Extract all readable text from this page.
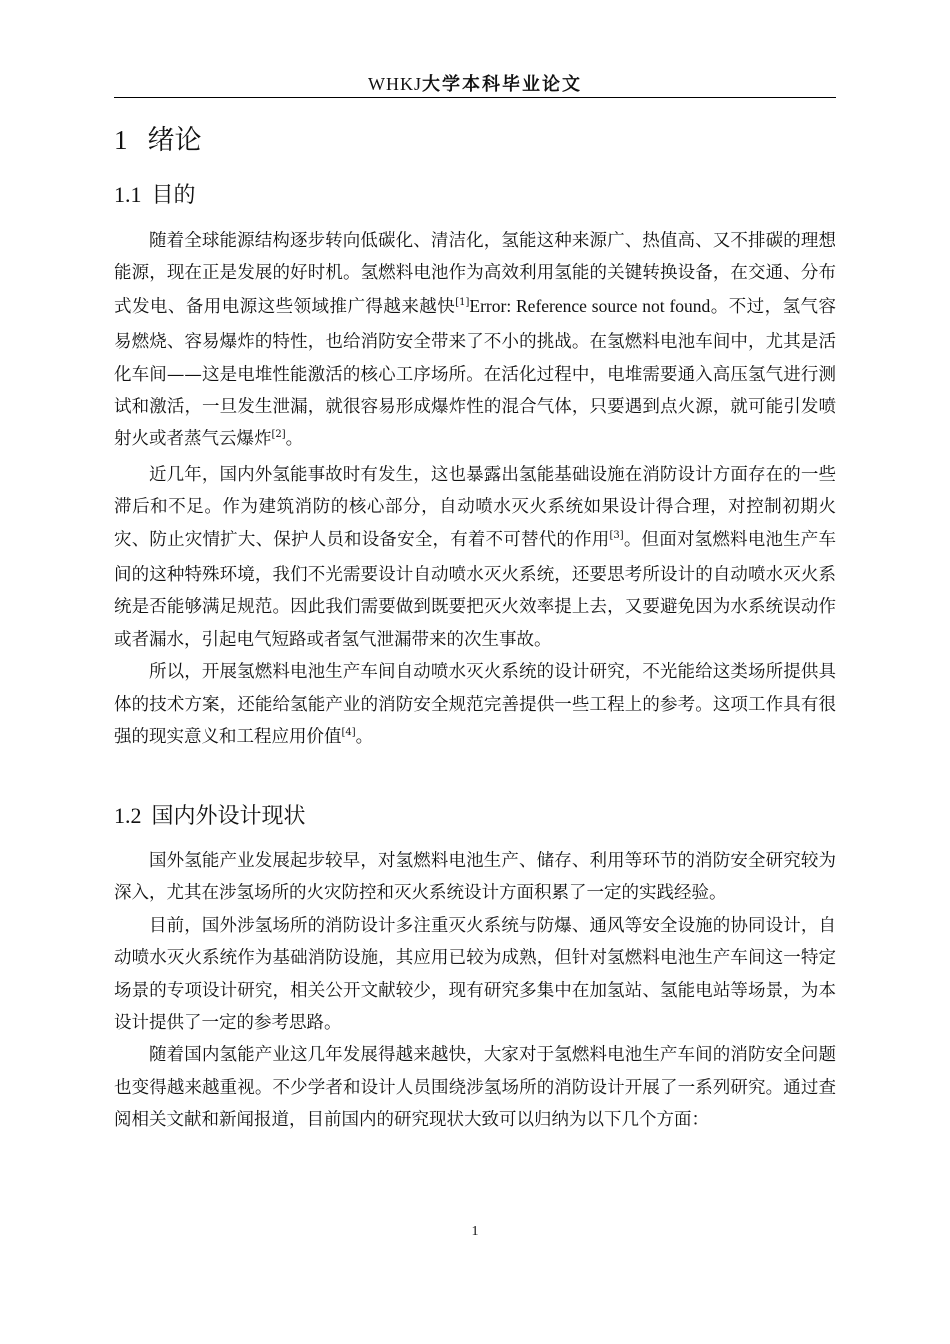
WHKJ大学本科毕业论文
1 绪论
1.1 目的

随着全球能源结构逐步转向低碳化、清洁化，氢能这种来源广、热值高、又不排碳的理想能源，现在正是发展的好时机。氢燃料电池作为高效利用氢能的关键转换设备，在交通、分布式发电、备用电源这些领域推广得越来越快[1]Error: Reference source not found。不过，氢气容易燃烧、容易爆炸的特性，也给消防安全带来了不小的挑战。在氢燃料电池车间中，尤其是活化车间——这是电堆性能激活的核心工序场所。在活化过程中，电堆需要通入高压氢气进行测试和激活，一旦发生泄漏，就很容易形成爆炸性的混合气体，只要遇到点火源，就可能引发喷射火或者蒸气云爆炸[2]。

近几年，国内外氢能事故时有发生，这也暴露出氢能基础设施在消防设计方面存在的一些滞后和不足。作为建筑消防的核心部分，自动喷水灭火系统如果设计得合理，对控制初期火灾、防止灾情扩大、保护人员和设备安全，有着不可替代的作用[3]。但面对氢燃料电池生产车间的这种特殊环境，我们不光需要设计自动喷水灭火系统，还要思考所设计的自动喷水灭火系统是否能够满足规范。因此我们需要做到既要把灭火效率提上去，又要避免因为水系统误动作或者漏水，引起电气短路或者氢气泄漏带来的次生事故。

所以，开展氢燃料电池生产车间自动喷水灭火系统的设计研究，不光能给这类场所提供具体的技术方案，还能给氢能产业的消防安全规范完善提供一些工程上的参考。这项工作具有很强的现实意义和工程应用价值[4]。

1.2 国内外设计现状

国外氢能产业发展起步较早，对氢燃料电池生产、储存、利用等环节的消防安全研究较为深入，尤其在涉氢场所的火灾防控和灭火系统设计方面积累了一定的实践经验。

目前，国外涉氢场所的消防设计多注重灭火系统与防爆、通风等安全设施的协同设计，自动喷水灭火系统作为基础消防设施，其应用已较为成熟，但针对氢燃料电池生产车间这一特定场景的专项设计研究，相关公开文献较少，现有研究多集中在加氢站、氢能电站等场景，为本设计提供了一定的参考思路。

随着国内氢能产业这几年发展得越来越快，大家对于氢燃料电池生产车间的消防安全问题也变得越来越重视。不少学者和设计人员围绕涉氢场所的消防设计开展了一系列研究。通过查阅相关文献和新闻报道，目前国内的研究现状大致可以归纳为以下几个方面：

1
